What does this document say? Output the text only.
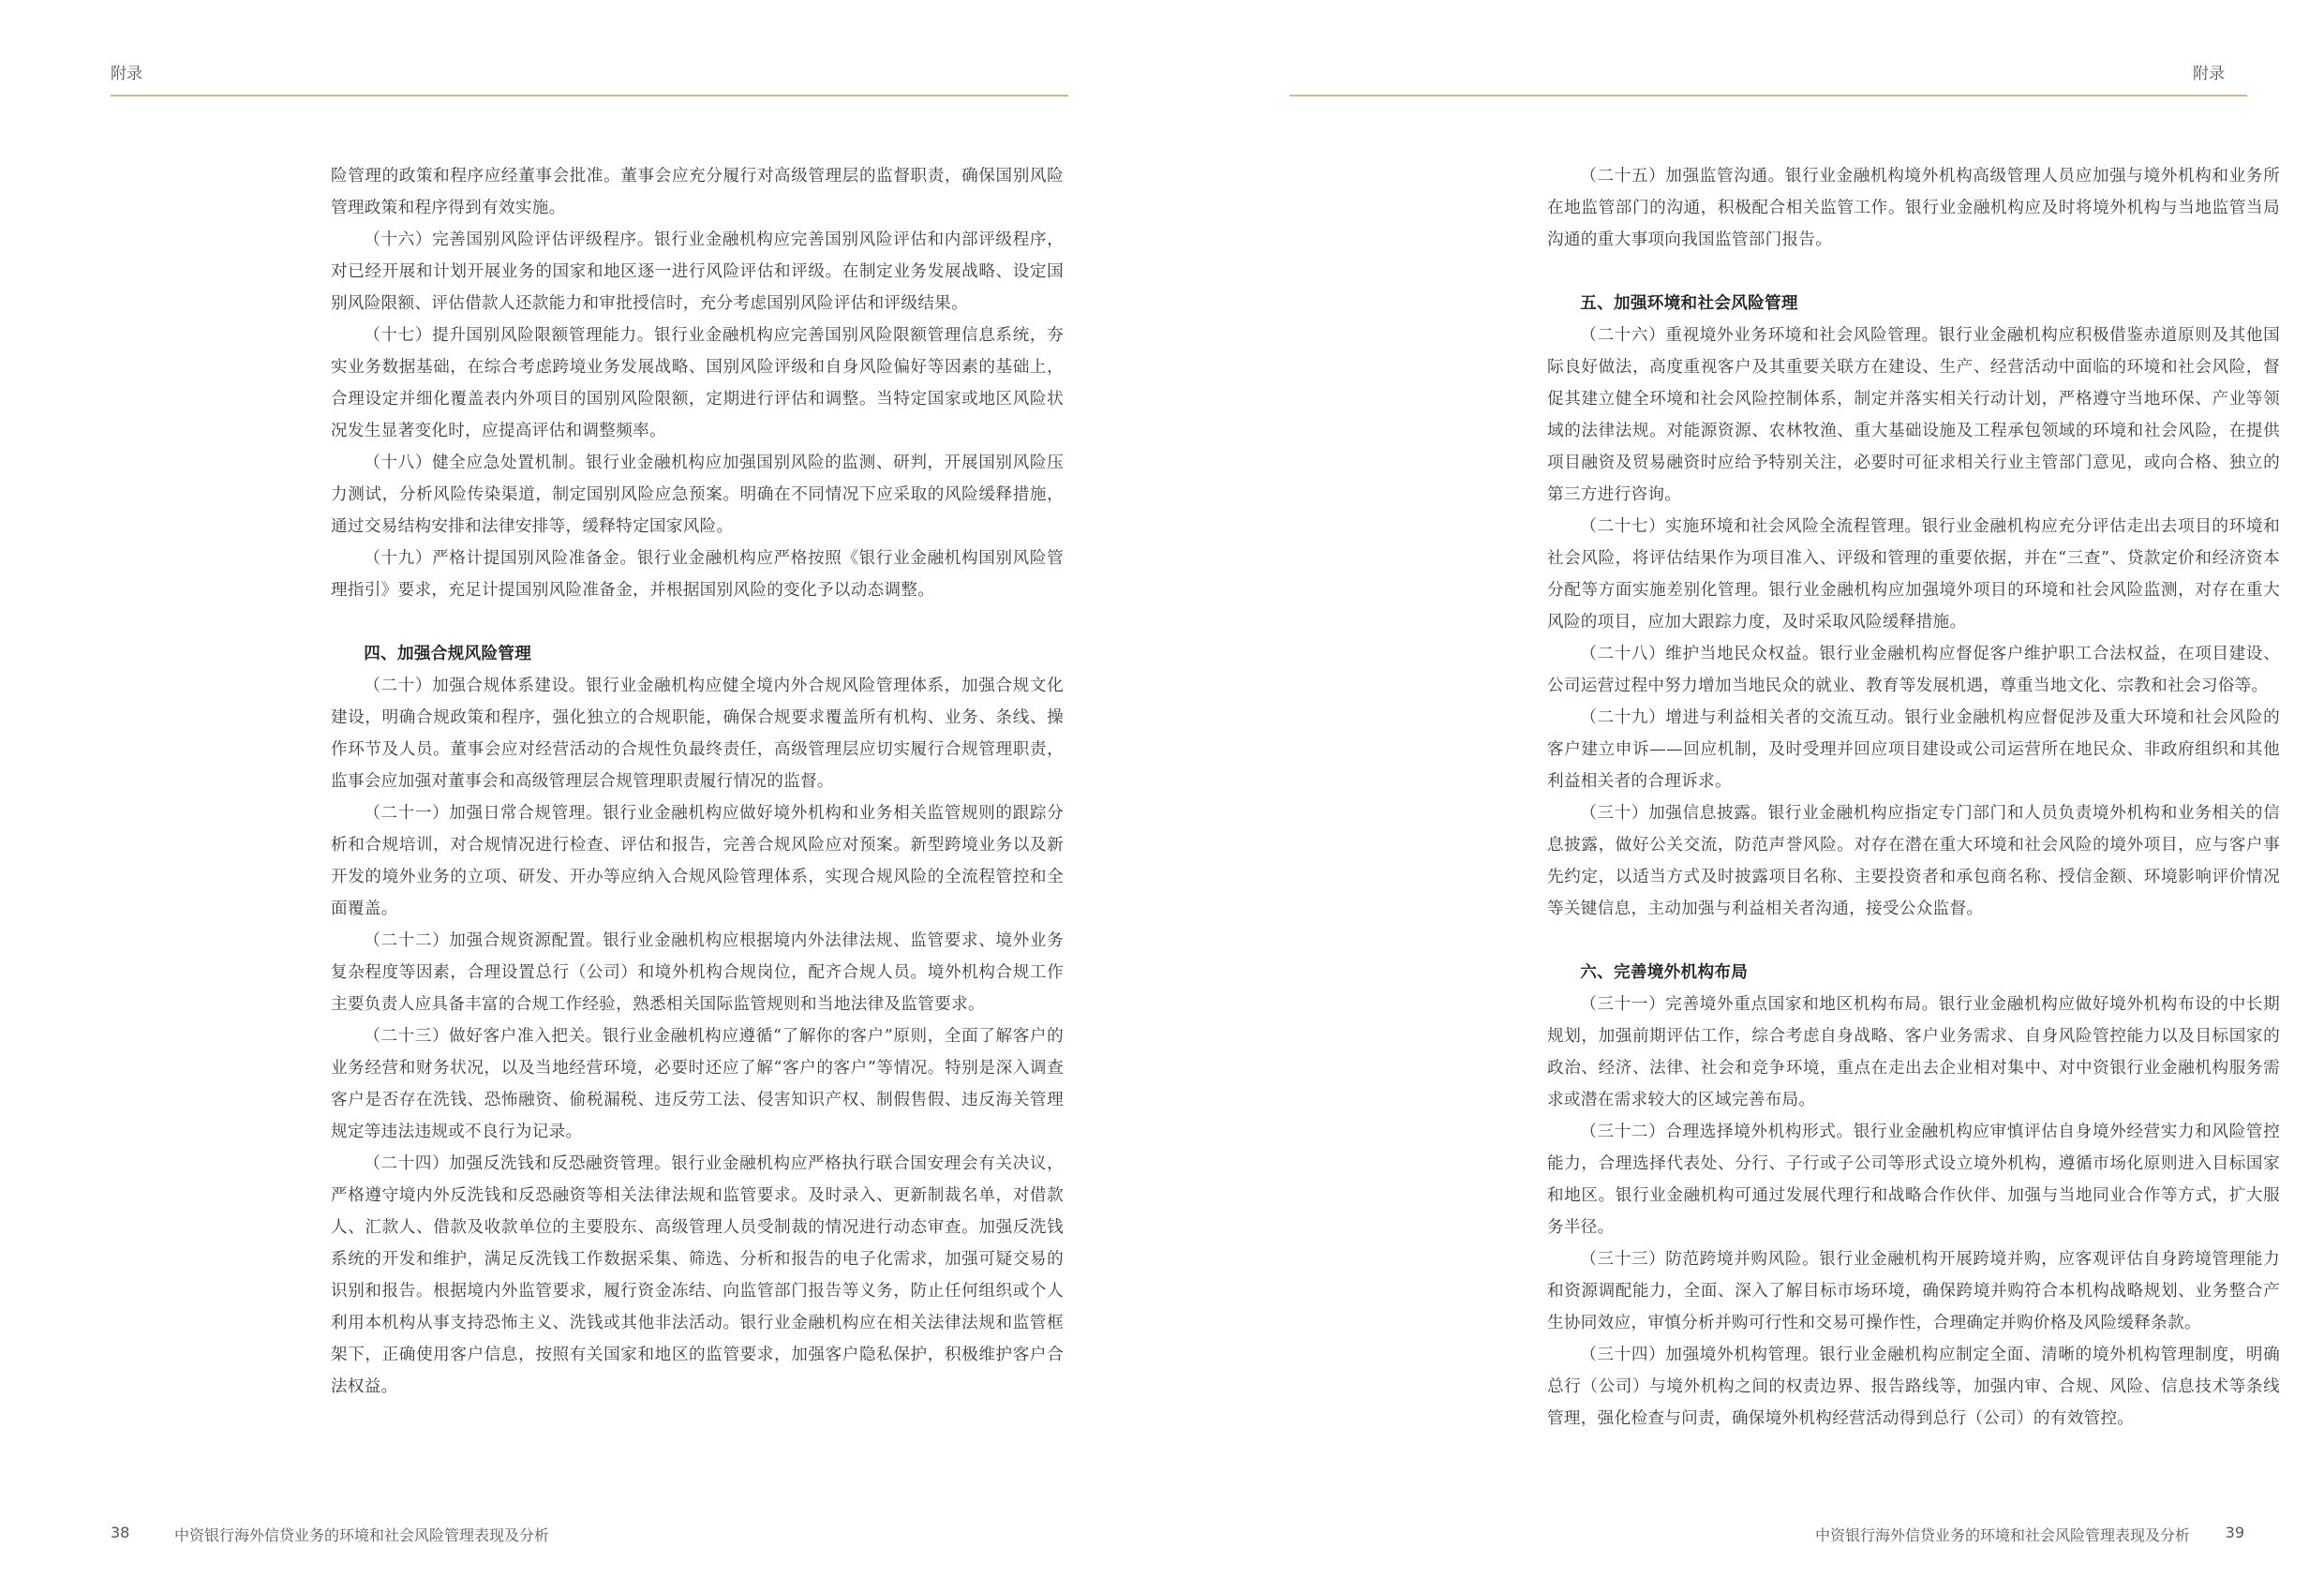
附录

险管理的政策和程序应经董事会批准。董事会应充分履行对高级管理层的监督职责，确保国别风险管理政策和程序得到有效实施。

（十六）完善国别风险评估评级程序。银行业金融机构应完善国别风险评估和内部评级程序，对已经开展和计划开展业务的国家和地区逐一进行风险评估和评级。在制定业务发展战略、设定国别风险限额、评估借款人还款能力和审批授信时，充分考虑国别风险评估和评级结果。

（十七）提升国别风险限额管理能力。银行业金融机构应完善国别风险限额管理信息系统，夯实业务数据基础，在综合考虑跨境业务发展战略、国别风险评级和自身风险偏好等因素的基础上，合理设定并细化覆盖表内外项目的国别风险限额，定期进行评估和调整。当特定国家或地区风险状况发生显著变化时，应提高评估和调整频率。

（十八）健全应急处置机制。银行业金融机构应加强国别风险的监测、研判，开展国别风险压力测试，分析风险传染渠道，制定国别风险应急预案。明确在不同情况下应采取的风险缓释措施，通过交易结构安排和法律安排等，缓释特定国家风险。

（十九）严格计提国别风险准备金。银行业金融机构应严格按照《银行业金融机构国别风险管理指引》要求，充足计提国别风险准备金，并根据国别风险的变化予以动态调整。

四、加强合规风险管理

（二十）加强合规体系建设。银行业金融机构应健全境内外合规风险管理体系，加强合规文化建设，明确合规政策和程序，强化独立的合规职能，确保合规要求覆盖所有机构、业务、条线、操作环节及人员。董事会应对经营活动的合规性负最终责任，高级管理层应切实履行合规管理职责，监事会应加强对董事会和高级管理层合规管理职责履行情况的监督。

（二十一）加强日常合规管理。银行业金融机构应做好境外机构和业务相关监管规则的跟踪分析和合规培训，对合规情况进行检查、评估和报告，完善合规风险应对预案。新型跨境业务以及新开发的境外业务的立项、研发、开办等应纳入合规风险管理体系，实现合规风险的全流程管控和全面覆盖。

（二十二）加强合规资源配置。银行业金融机构应根据境内外法律法规、监管要求、境外业务复杂程度等因素，合理设置总行（公司）和境外机构合规岗位，配齐合规人员。境外机构合规工作主要负责人应具备丰富的合规工作经验，熟悉相关国际监管规则和当地法律及监管要求。

（二十三）做好客户准入把关。银行业金融机构应遵循“了解你的客户”原则，全面了解客户的业务经营和财务状况，以及当地经营环境，必要时还应了解“客户的客户”等情况。特别是深入调查客户是否存在洗钱、恐怖融资、偷税漏税、违反劳工法、侵害知识产权、制假售假、违反海关管理规定等违法违规或不良行为记录。

（二十四）加强反洗钱和反恐融资管理。银行业金融机构应严格执行联合国安理会有关决议，严格遵守境内外反洗钱和反恐融资等相关法律法规和监管要求。及时录入、更新制裁名单，对借款人、汇款人、借款及收款单位的主要股东、高级管理人员受制裁的情况进行动态审查。加强反洗钱系统的开发和维护，满足反洗钱工作数据采集、筛选、分析和报告的电子化需求，加强可疑交易的识别和报告。根据境内外监管要求，履行资金冻结、向监管部门报告等义务，防止任何组织或个人利用本机构从事支持恐怖主义、洗钱或其他非法活动。银行业金融机构应在相关法律法规和监管框架下，正确使用客户信息，按照有关国家和地区的监管要求，加强客户隐私保护，积极维护客户合法权益。

38	中资银行海外信贷业务的环境和社会风险管理表现及分析
附录

（二十五）加强监管沟通。银行业金融机构境外机构高级管理人员应加强与境外机构和业务所在地监管部门的沟通，积极配合相关监管工作。银行业金融机构应及时将境外机构与当地监管当局沟通的重大事项向我国监管部门报告。

五、加强环境和社会风险管理

（二十六）重视境外业务环境和社会风险管理。银行业金融机构应积极借鉴赤道原则及其他国际良好做法，高度重视客户及其重要关联方在建设、生产、经营活动中面临的环境和社会风险，督促其建立健全环境和社会风险控制体系，制定并落实相关行动计划，严格遵守当地环保、产业等领域的法律法规。对能源资源、农林牧渔、重大基础设施及工程承包领域的环境和社会风险，在提供项目融资及贸易融资时应给予特别关注，必要时可征求相关行业主管部门意见，或向合格、独立的第三方进行咨询。

（二十七）实施环境和社会风险全流程管理。银行业金融机构应充分评估走出去项目的环境和社会风险，将评估结果作为项目准入、评级和管理的重要依据，并在“三查”、贷款定价和经济资本分配等方面实施差别化管理。银行业金融机构应加强境外项目的环境和社会风险监测，对存在重大风险的项目，应加大跟踪力度，及时采取风险缓释措施。

（二十八）维护当地民众权益。银行业金融机构应督促客户维护职工合法权益，在项目建设、公司运营过程中努力增加当地民众的就业、教育等发展机遇，尊重当地文化、宗教和社会习俗等。

（二十九）增进与利益相关者的交流互动。银行业金融机构应督促涉及重大环境和社会风险的客户建立申诉——回应机制，及时受理并回应项目建设或公司运营所在地民众、非政府组织和其他利益相关者的合理诉求。

（三十）加强信息披露。银行业金融机构应指定专门部门和人员负责境外机构和业务相关的信息披露，做好公关交流，防范声誉风险。对存在潜在重大环境和社会风险的境外项目，应与客户事先约定，以适当方式及时披露项目名称、主要投资者和承包商名称、授信金额、环境影响评价情况等关键信息，主动加强与利益相关者沟通，接受公众监督。

六、完善境外机构布局

（三十一）完善境外重点国家和地区机构布局。银行业金融机构应做好境外机构布设的中长期规划，加强前期评估工作，综合考虑自身战略、客户业务需求、自身风险管控能力以及目标国家的政治、经济、法律、社会和竞争环境，重点在走出去企业相对集中、对中资银行业金融机构服务需求或潜在需求较大的区域完善布局。

（三十二）合理选择境外机构形式。银行业金融机构应审慎评估自身境外经营实力和风险管控能力，合理选择代表处、分行、子行或子公司等形式设立境外机构，遵循市场化原则进入目标国家和地区。银行业金融机构可通过发展代理行和战略合作伙伴、加强与当地同业合作等方式，扩大服务半径。

（三十三）防范跨境并购风险。银行业金融机构开展跨境并购，应客观评估自身跨境管理能力和资源调配能力，全面、深入了解目标市场环境，确保跨境并购符合本机构战略规划、业务整合产生协同效应，审慎分析并购可行性和交易可操作性，合理确定并购价格及风险缓释条款。

（三十四）加强境外机构管理。银行业金融机构应制定全面、清晰的境外机构管理制度，明确总行（公司）与境外机构之间的权责边界、报告路线等，加强内审、合规、风险、信息技术等条线管理，强化检查与问责，确保境外机构经营活动得到总行（公司）的有效管控。

中资银行海外信贷业务的环境和社会风险管理表现及分析 39
